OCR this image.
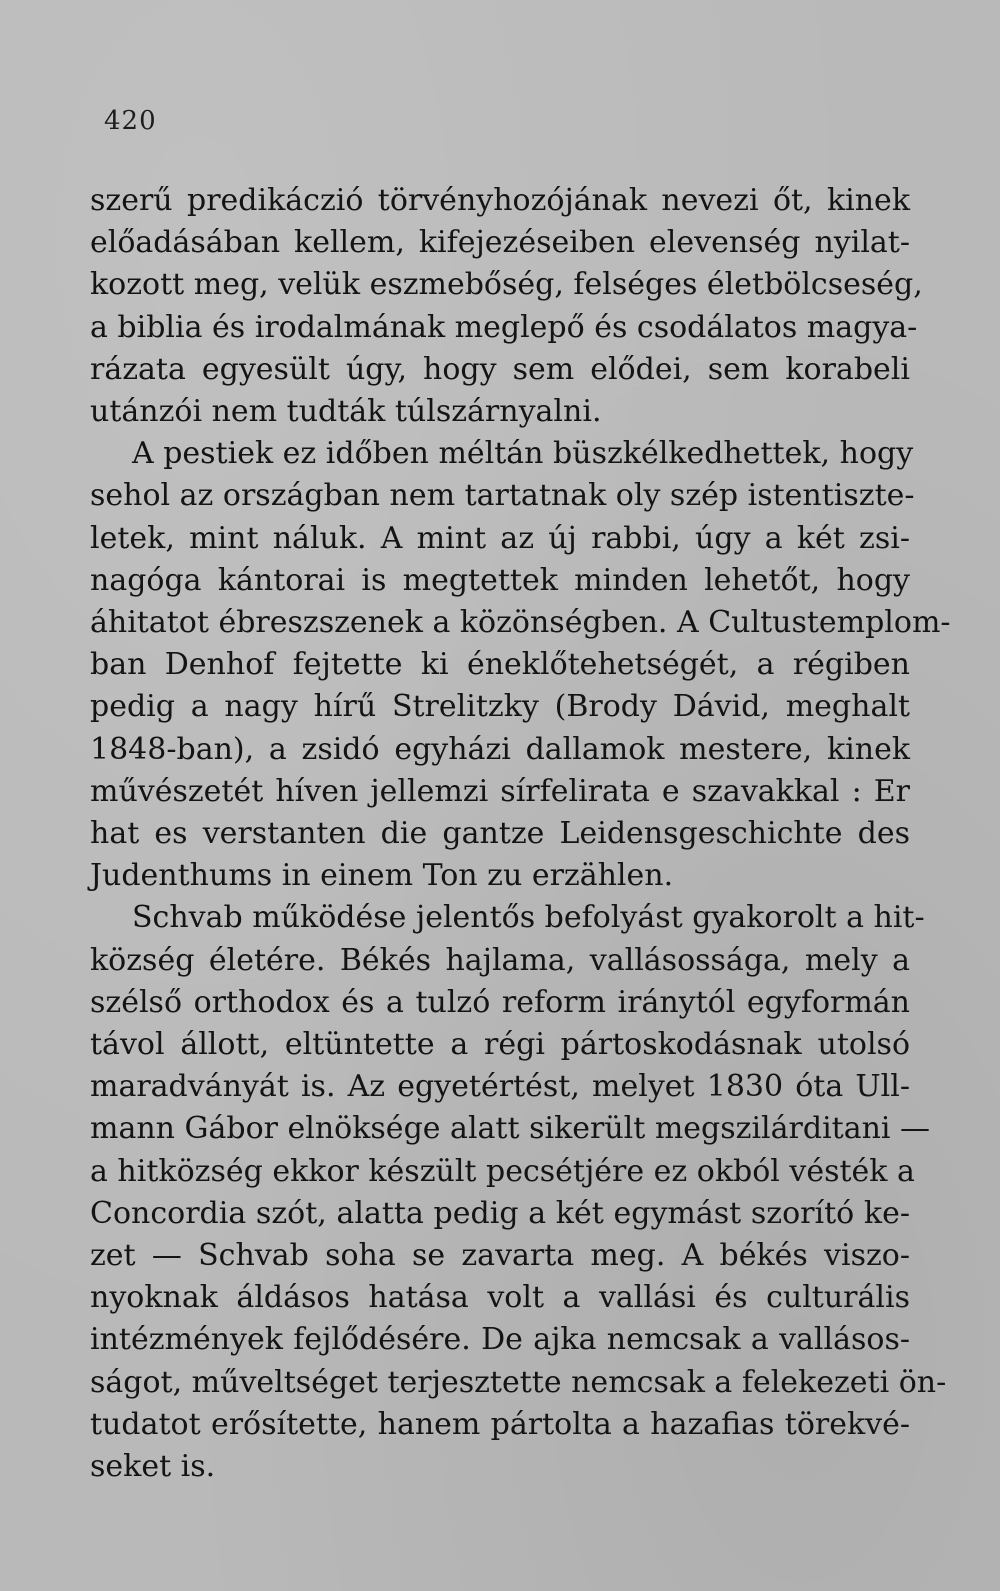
420
szerű predikáczió törvényhozójának nevezi őt, kinek
előadásában kellem, kifejezéseiben elevenség nyilat-
kozott meg, velük eszmebőség, felséges életbölcseség,
a biblia és irodalmának meglepő és csodálatos magya-
rázata egyesült úgy, hogy sem elődei, sem korabeli
utánzói nem tudták túlszárnyalni.
A pestiek ez időben méltán büszkélkedhettek, hogy
sehol az országban nem tartatnak oly szép istentiszte-
letek, mint náluk. A mint az új rabbi, úgy a két zsi-
nagóga kántorai is megtettek minden lehetőt, hogy
áhitatot ébreszszenek a közönségben. A Cultustemplom-
ban Denhof fejtette ki éneklőtehetségét, a régiben
pedig a nagy hírű Strelitzky (Brody Dávid, meghalt
1848-ban), a zsidó egyházi dallamok mestere, kinek
művészetét híven jellemzi sírfelirata e szavakkal : Er
hat es verstanten die gantze Leidensgeschichte des
Judenthums in einem Ton zu erzählen.
Schvab működése jelentős befolyást gyakorolt a hit-
község életére. Békés hajlama, vallásossága, mely a
szélső orthodox és a tulzó reform iránytól egyformán
távol állott, eltüntette a régi pártoskodásnak utolsó
maradványát is. Az egyetértést, melyet 1830 óta Ull-
mann Gábor elnöksége alatt sikerült megszilárditani —
a hitközség ekkor készült pecsétjére ez okból vésték a
Concordia szót, alatta pedig a két egymást szorító ke-
zet — Schvab soha se zavarta meg. A békés viszo-
nyoknak áldásos hatása volt a vallási és culturális
intézmények fejlődésére. De ajka nemcsak a vallásos-
ságot, műveltséget terjesztette nemcsak a felekezeti ön-
tudatot erősítette, hanem pártolta a hazafias törekvé-
seket is.
